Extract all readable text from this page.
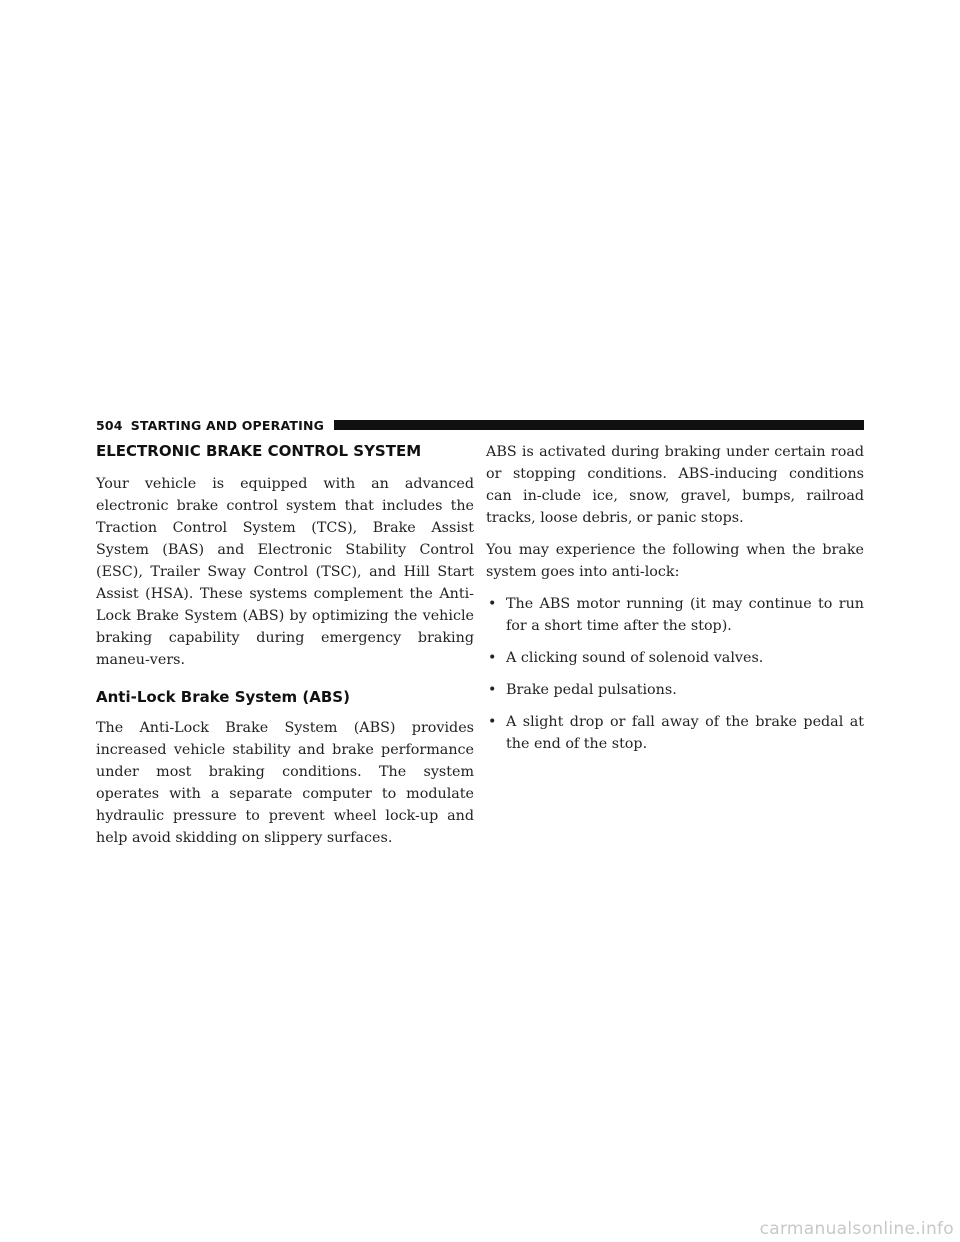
504 STARTING AND OPERATING
ELECTRONIC BRAKE CONTROL SYSTEM

Your vehicle is equipped with an advanced electronic brake control system that includes the Traction Control System (TCS), Brake Assist System (BAS) and Electronic Stability Control (ESC), Trailer Sway Control (TSC), and Hill Start Assist (HSA). These systems complement the Anti-Lock Brake System (ABS) by optimizing the vehicle braking capability during emergency braking maneu-vers.

Anti-Lock Brake System (ABS)

The Anti-Lock Brake System (ABS) provides increased vehicle stability and brake performance under most braking conditions. The system operates with a separate computer to modulate hydraulic pressure to prevent wheel lock-up and help avoid skidding on slippery surfaces.

ABS is activated during braking under certain road or stopping conditions. ABS-inducing conditions can in-clude ice, snow, gravel, bumps, railroad tracks, loose debris, or panic stops.

You may experience the following when the brake system goes into anti-lock:

• The ABS motor running (it may continue to run for a short time after the stop).
• A clicking sound of solenoid valves.
• Brake pedal pulsations.
• A slight drop or fall away of the brake pedal at the end of the stop.
carmanualsonline.info
